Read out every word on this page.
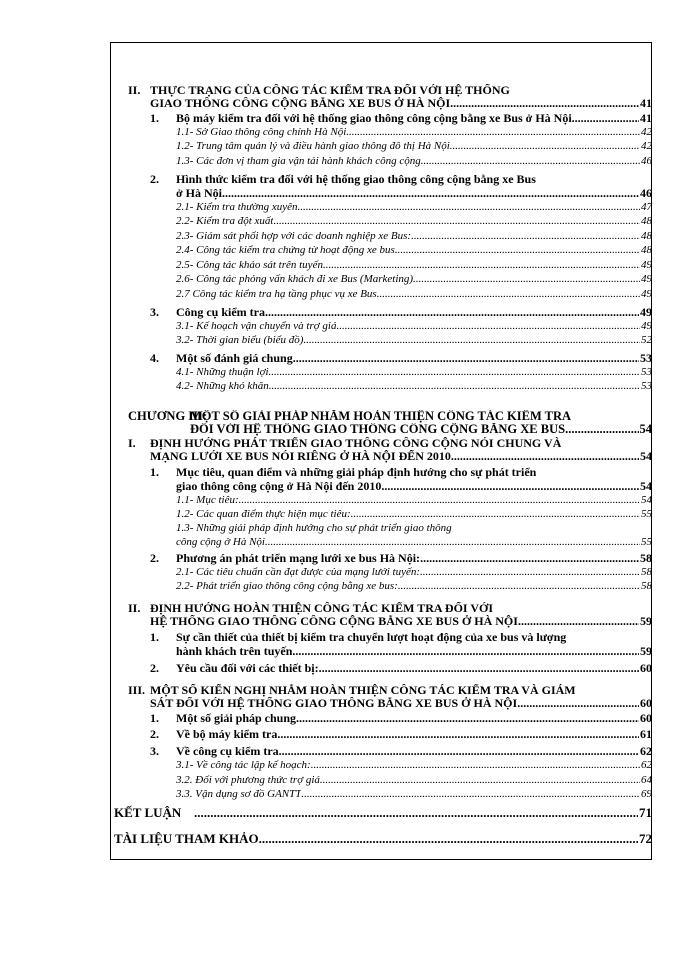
II. THỰC TRẠNG CỦA CÔNG TÁC KIỂM TRA ĐỐI VỚI HỆ THỐNG
GIAO THÔNG CÔNG CỘNG BẰNG XE BUS Ở HÀ NỘI .....	41
1.	Bộ máy kiểm tra đối với hệ thống giao thông công cộng bằng xe Bus ở Hà Nội .....	41
1.1- Sở Giao thông công chính Hà Nội .....	42
1.2- Trung tâm quản lý và điều hành giao thông đô thị Hà Nội. .....	42
1.3- Các đơn vị tham gia vận tải hành khách công cộng .....	46
2.	Hình thức kiểm tra đối với hệ thống giao thông công cộng bằng xe Bus
ở Hà Nội .....	46
2.1- Kiểm tra thường xuyên .....	47
2.2- Kiểm tra đột xuất .....	48
2.3- Giám sát phối hợp với các doanh nghiệp xe Bus: .....	48
2.4- Công tác kiểm tra chứng từ hoạt động xe bus .....	48
2.5- Công tác khảo sát trên tuyến .....	49
2.6- Công tác phỏng vấn khách đi xe Bus (Marketing). .....	49
2.7 Công tác kiểm tra hạ tầng phục vụ xe Bus. .....	49
3.	Công cụ kiểm tra .....	49
3.1- Kế hoạch vận chuyển và trợ giá .....	49
3.2- Thời gian biểu (biểu đồ) .....	52
4.	Một số đánh giá chung .....	53
4.1- Những thuận lợi .....	53
4.2- Những khó khăn .....	53
CHƯƠNG III:
MỘT SỐ GIẢI PHÁP NHẰM HOÀN THIỆN CÔNG TÁC KIỂM TRA
ĐỐI VỚI HỆ THỐNG GIAO THÔNG CÔNG CỘNG BẰNG XE BUS .....	54
I.	ĐỊNH HƯỚNG PHÁT TRIỂN GIAO THÔNG CÔNG CỘNG NÓI CHUNG VÀ
MẠNG LƯỚI XE BUS NÓI RIÊNG Ở HÀ NỘI ĐẾN 2010 .....	54
1.	Mục tiêu, quan điểm và những giải pháp định hướng cho sự phát triển
giao thông công cộng ở Hà Nội đến 2010 .....	54
1.1- Mục tiêu: .....	54
1.2- Các quan điểm thực hiện mục tiêu: .....	55
1.3- Những giải pháp định hướng cho sự phát triển giao thông
công cộng ở Hà Nội .....	55
2.	Phương án phát triển mạng lưới xe bus Hà Nội: .....	58
2.1- Các tiêu chuẩn cần đạt được của mạng lưới tuyến: .....	58
2.2- Phát triển giao thông công cộng bằng xe bus: .....	58
II. ĐỊNH HƯỚNG HOÀN THIỆN CÔNG TÁC KIỂM TRA ĐỐI VỚI
HỆ THỐNG GIAO THÔNG CÔNG CỘNG BẰNG XE BUS Ở HÀ NỘI .....	59
1.	Sự cần thiết của thiết bị kiểm tra chuyển lượt hoạt động của xe bus và lượng
hành khách trên tuyến .....	59
2.	Yêu cầu đối với các thiết bị: .....	60
III. MỘT SỐ KIẾN NGHỊ NHẰM HOÀN THIỆN CÔNG TÁC KIỂM TRA VÀ GIÁM
SÁT ĐỐI VỚI HỆ THỐNG GIAO THÔNG BẰNG XE BUS Ở HÀ NỘI .....	60
1.	Một số giải pháp chung .....	60
2.	Về bộ máy kiểm tra .....	61
3.	Về công cụ kiểm tra .....	62
3.1- Về công tác lập kế hoạch: .....	62
3.2. Đối với phương thức trợ giá .....	64
3.3. Vận dụng sơ đồ GANTT .....	69
KẾT LUẬN .....	71
TÀI LIỆU THAM KHẢO .....	72
